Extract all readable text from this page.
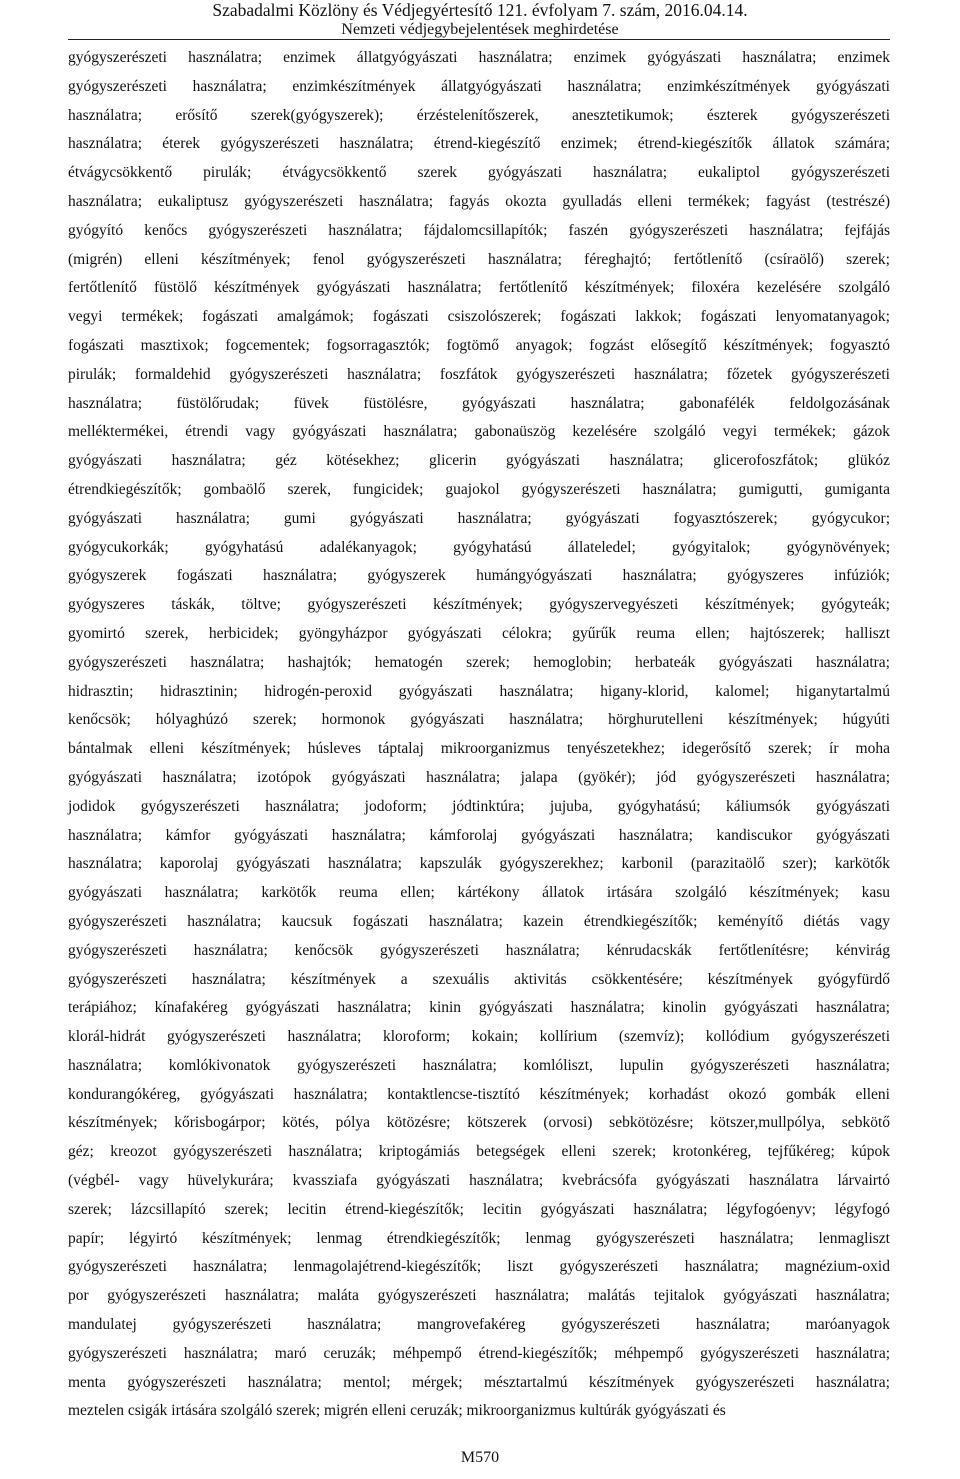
Szabadalmi Közlöny és Védjegyértesítő 121. évfolyam 7. szám, 2016.04.14.
Nemzeti védjegybejelentések meghirdetése
gyógyszerészeti használatra; enzimek állatgyógyászati használatra; enzimek gyógyászati használatra; enzimek
gyógyszerészeti használatra; enzimkészítmények állatgyógyászati használatra; enzimkészítmények gyógyászati
használatra; erősítő szerek(gyógyszerek); érzéstelenítőszerek, anesztetikumok; észterek gyógyszerészeti
használatra; éterek gyógyszerészeti használatra; étrend-kiegészítő enzimek; étrend-kiegészítők állatok számára;
étvágycsökkentő pirulák; étvágycsökkentő szerek gyógyászati használatra; eukaliptol gyógyszerészeti
használatra; eukaliptusz gyógyszerészeti használatra; fagyás okozta gyulladás elleni termékek; fagyást (testrészé)
gyógyító kenőcs gyógyszerészeti használatra; fájdalomcsillapítók; faszén gyógyszerészeti használatra; fejfájás
(migrén) elleni készítmények; fenol gyógyszerészeti használatra; féreghajtó; fertőtlenítő (csíraölő) szerek;
fertőtlenítő füstölő készítmények gyógyászati használatra; fertőtlenítő készítmények; filoxéra kezelésére szolgáló
vegyi termékek; fogászati amalgámok; fogászati csiszolószerek; fogászati lakkok; fogászati lenyomatanyagok;
fogászati masztixok; fogcementek; fogsorragasztók; fogtömő anyagok; fogzást elősegítő készítmények; fogyasztó
pirulák; formaldehid gyógyszerészeti használatra; foszfátok gyógyszerészeti használatra; főzetek gyógyszerészeti
használatra; füstölőrudak; füvek füstölésre, gyógyászati használatra; gabonafélék feldolgozásának
melléktermékei, étrendi vagy gyógyászati használatra; gabonaüszög kezelésére szolgáló vegyi termékek; gázok
gyógyászati használatra; géz kötésekhez; glicerin gyógyászati használatra; glicerofoszfátok; glükóz
étrendkiegészítők; gombaölő szerek, fungicidek; guajokol gyógyszerészeti használatra; gumigutti, gumiganta
gyógyászati használatra; gumi gyógyászati használatra; gyógyászati fogyasztószerek; gyógycukor;
gyógycukorkák; gyógyhatású adalékanyagok; gyógyhatású állateledel; gyógyitalok; gyógynövények;
gyógyszerek fogászati használatra; gyógyszerek humángyógyászati használatra; gyógyszeres infúziók;
gyógyszeres táskák, töltve; gyógyszerészeti készítmények; gyógyszervegyészeti készítmények; gyógyteák;
gyomirtó szerek, herbicidek; gyöngyházpor gyógyászati célokra; gyűrűk reuma ellen; hajtószerek; halliszt
gyógyszerészeti használatra; hashajtók; hematogén szerek; hemoglobin; herbateák gyógyászati használatra;
hidrasztin; hidrasztinin; hidrogén-peroxid gyógyászati használatra; higany-klorid, kalomel; higanytartalmú
kenőcsök; hólyaghúzó szerek; hormonok gyógyászati használatra; hörghurutelleni készítmények; húgyúti
bántalmak elleni készítmények; húsleves táptalaj mikroorganizmus tenyészetekhez; idegerősítő szerek; ír moha
gyógyászati használatra; izotópok gyógyászati használatra; jalapa (gyökér); jód gyógyszerészeti használatra;
jodidok gyógyszerészeti használatra; jodoform; jódtinktúra; jujuba, gyógyhatású; káliumsók gyógyászati
használatra; kámfor gyógyászati használatra; kámforolaj gyógyászati használatra; kandiscukor gyógyászati
használatra; kaporolaj gyógyászati használatra; kapszulák gyógyszerekhez; karbonil (parazitaölő szer); karkötők
gyógyászati használatra; karkötők reuma ellen; kártékony állatok irtására szolgáló készítmények; kasu
gyógyszerészeti használatra; kaucsuk fogászati használatra; kazein étrendkiegészítők; keményítő diétás vagy
gyógyszerészeti használatra; kenőcsök gyógyszerészeti használatra; kénrudacskák fertőtlenítésre; kénvirág
gyógyszerészeti használatra; készítmények a szexuális aktivitás csökkentésére; készítmények gyógyfürdő
terápiához; kínafakéreg gyógyászati használatra; kinin gyógyászati használatra; kinolin gyógyászati használatra;
klorál-hidrát gyógyszerészeti használatra; kloroform; kokain; kollírium (szemvíz); kollódium gyógyszerészeti
használatra; komlókivonatok gyógyszerészeti használatra; komlóliszt, lupulin gyógyszerészeti használatra;
kondurangókéreg, gyógyászati használatra; kontaktlencse-tisztító készítmények; korhadást okozó gombák elleni
készítmények; kőrisbogárpor; kötés, pólya kötözésre; kötszerek (orvosi) sebkötözésre; kötszer,mullpólya, sebkötő
géz; kreozot gyógyszerészeti használatra; kriptogámiás betegségek elleni szerek; krotonkéreg, tejfűkéreg; kúpok
(végbél- vagy hüvelykurára; kvassziafa gyógyászati használatra; kvebrácsófa gyógyászati használatra lárvairtó
szerek; lázcsillapító szerek; lecitin étrend-kiegészítők; lecitin gyógyászati használatra; légyfogóenyv; légyfogó
papír; légyirtó készítmények; lenmag étrendkiegészítők; lenmag gyógyszerészeti használatra; lenmagliszt
gyógyszerészeti használatra; lenmagolajétrend-kiegészítők; liszt gyógyszerészeti használatra; magnézium-oxid
por gyógyszerészeti használatra; maláta gyógyszerészeti használatra; malátás tejitalok gyógyászati használatra;
mandulatej gyógyszerészeti használatra; mangrovefakéreg gyógyszerészeti használatra; maróanyagok
gyógyszerészeti használatra; maró ceruzák; méhpempő étrend-kiegészítők; méhpempő gyógyszerészeti használatra;
menta gyógyszerészeti használatra; mentol; mérgek; mésztartalmú készítmények gyógyszerészeti használatra;
meztelen csigák irtására szolgáló szerek; migrén elleni ceruzák; mikroorganizmus kultúrák gyógyászati és
M570
